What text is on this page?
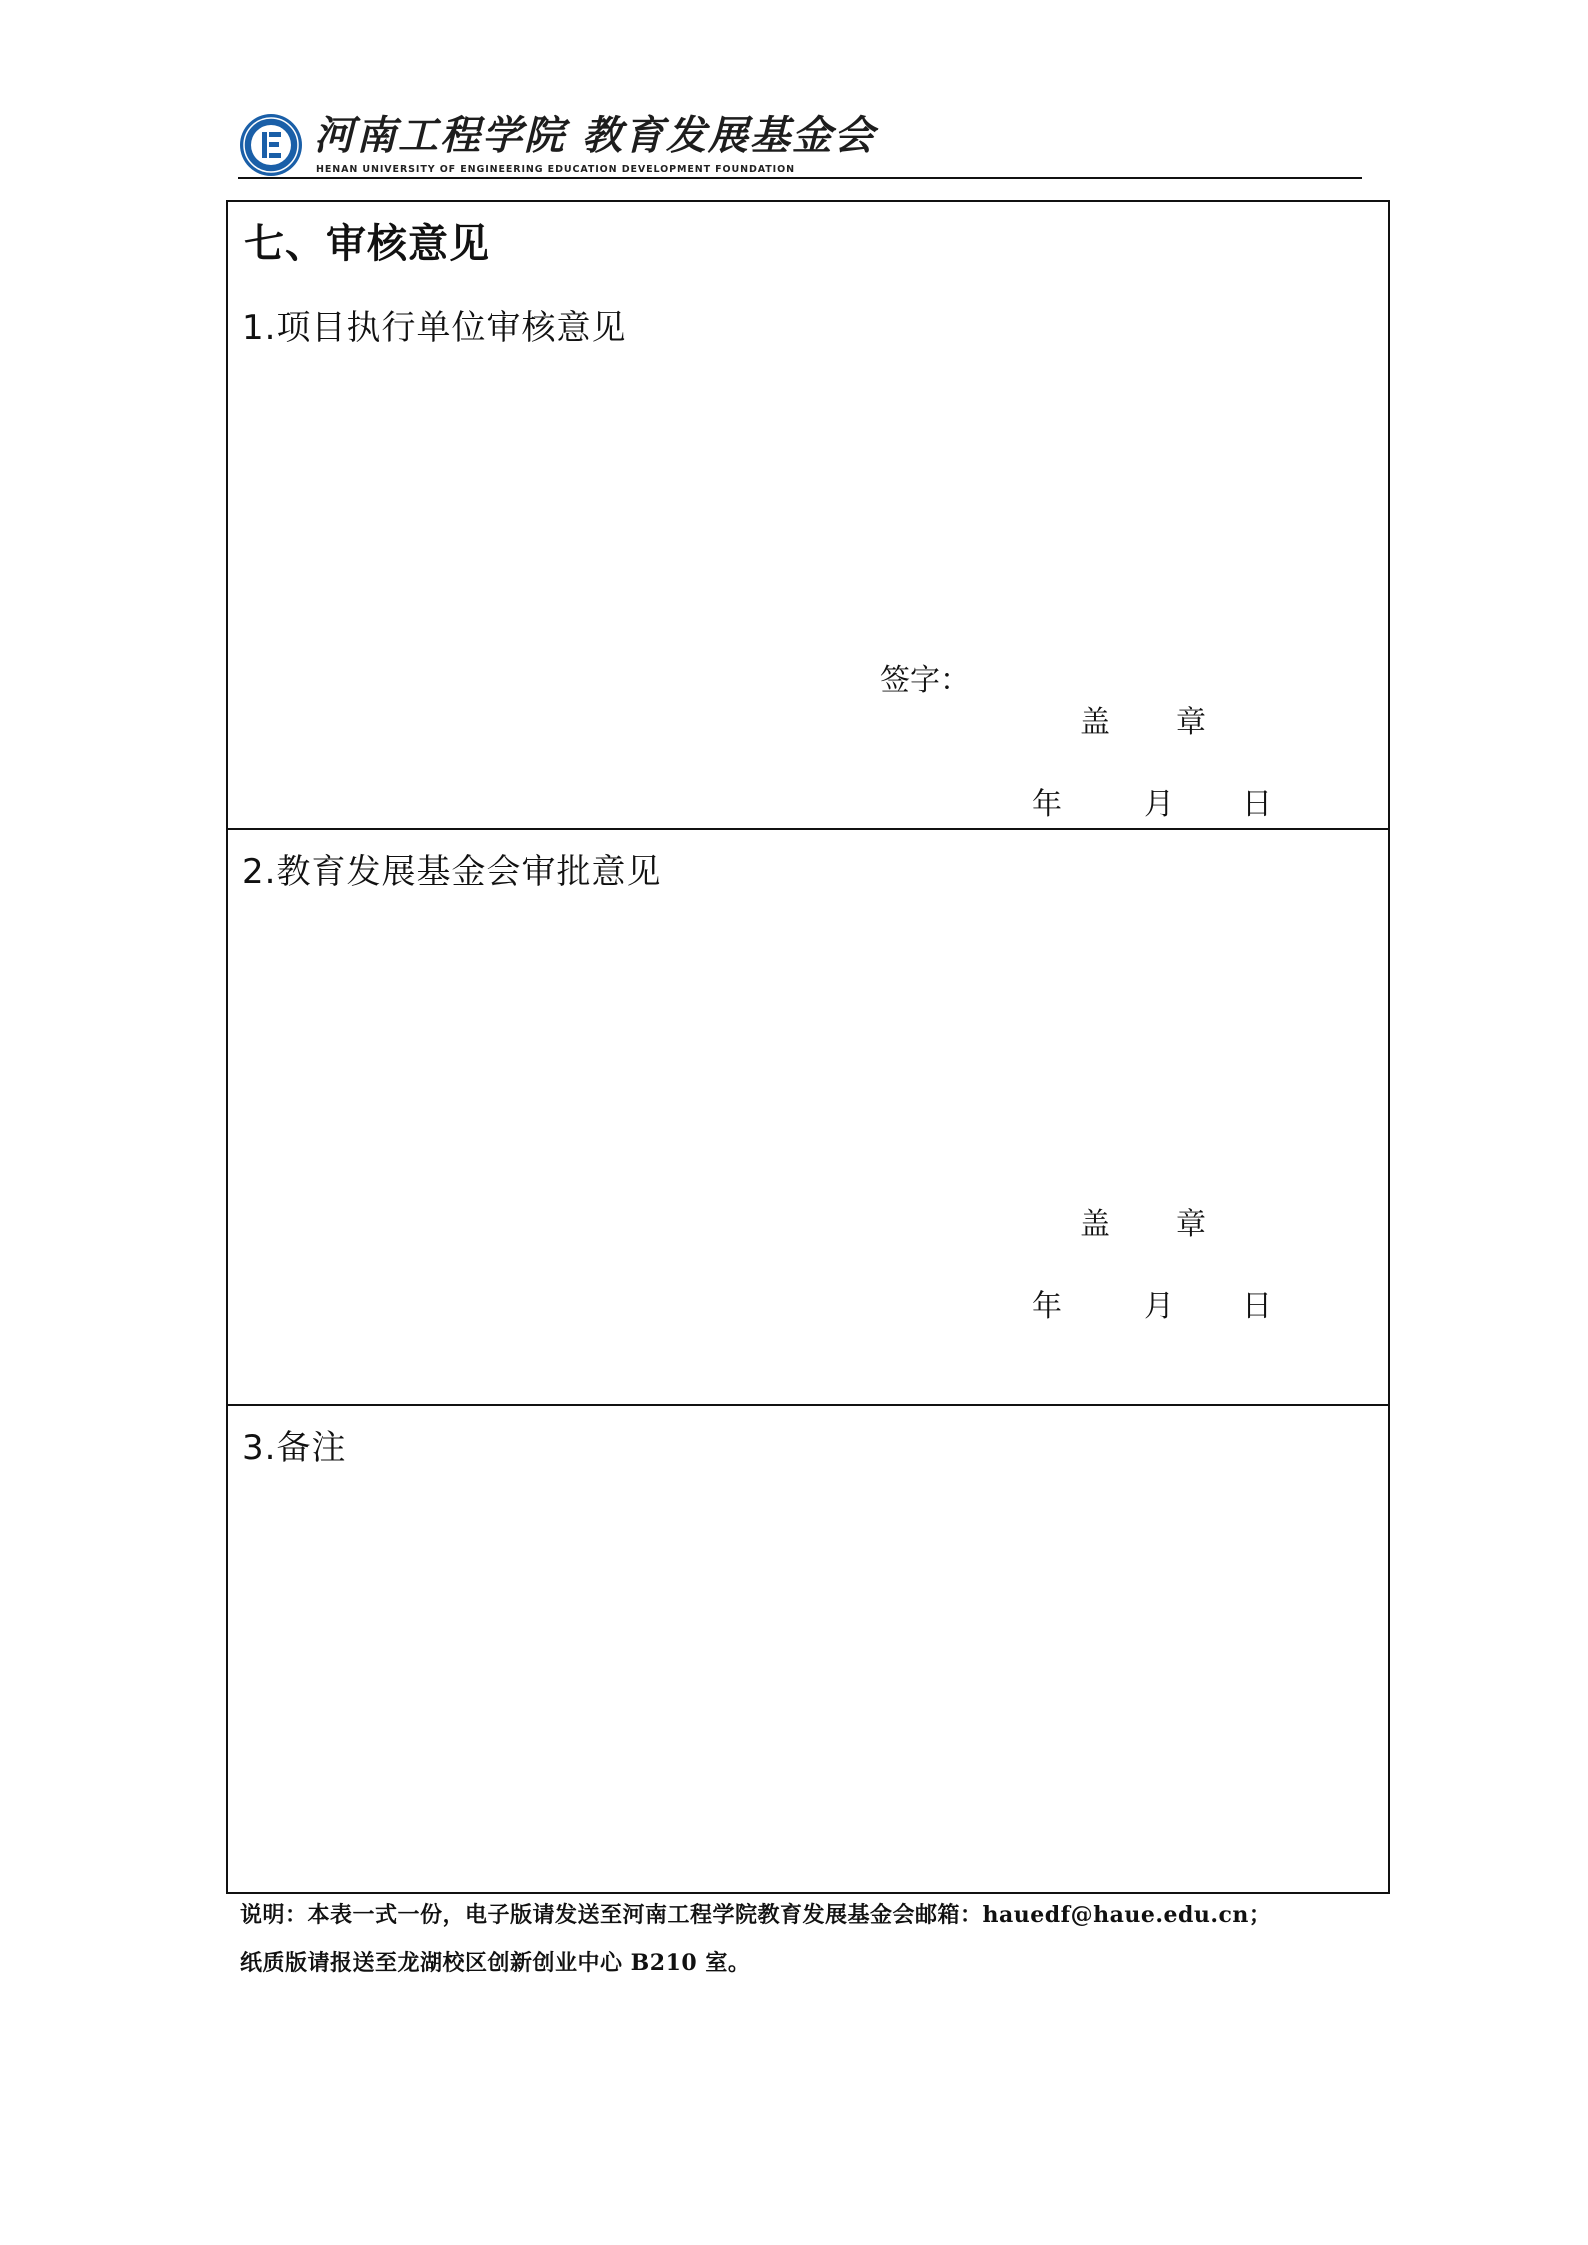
河南工程学院 教育发展基金会
HENAN UNIVERSITY OF ENGINEERING EDUCATION DEVELOPMENT FOUNDATION
七、审核意见
1.项目执行单位审核意见
签字：
盖 章
年	月 日
2.教育发展基金会审批意见
盖 章
年	月 日
3.备注
说明：本表一式一份，电子版请发送至河南工程学院教育发展基金会邮箱：hauedf@haue.edu.cn；
纸质版请报送至龙湖校区创新创业中心 B210 室。
